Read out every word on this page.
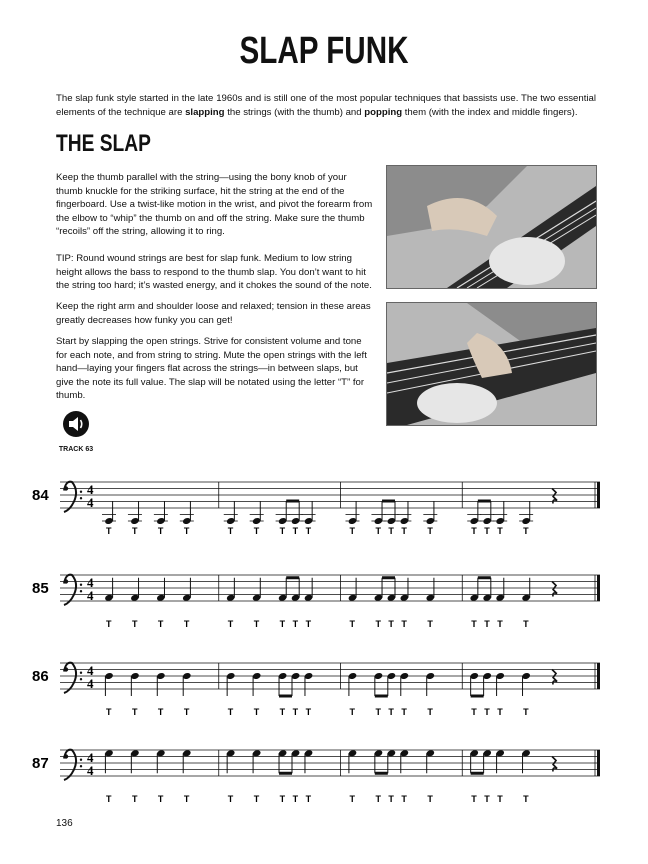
SLAP FUNK
The slap funk style started in the late 1960s and is still one of the most popular techniques that bassists use. The two essential elements of the technique are slapping the strings (with the thumb) and popping them (with the index and middle fingers).
THE SLAP

Keep the thumb parallel with the string—using the bony knob of your thumb knuckle for the striking surface, hit the string at the end of the fingerboard. Use a twist-like motion in the wrist, and pivot the forearm from the elbow to “whip” the thumb on and off the string. Make sure the thumb “recoils” off the string, allowing it to ring.

TIP: Round wound strings are best for slap funk. Medium to low string height allows the bass to respond to the thumb slap. You don’t want to hit the string too hard; it’s wasted energy, and it chokes the sound of the note.

Keep the right arm and shoulder loose and relaxed; tension in these areas greatly decreases how funky you can get!

Start by slapping the open strings. Strive for consistent volume and tone for each note, and from string to string. Mute the open strings with the left hand—laying your fingers flat across the strings—in between slaps, but give the note its full value. The slap will be notated using the letter “T” for thumb.

TRACK 63
84	4
4
T T T T	T T T T T	T T T T T	T T T T
85	4
4
T T T T	T T T T T	T T T T T	T T T T
86	4
4
T T T T	T T T T T	T T T T T	T T T T
87	4
4
T T T T	T T T T T	T T T T T	T T T T
136
